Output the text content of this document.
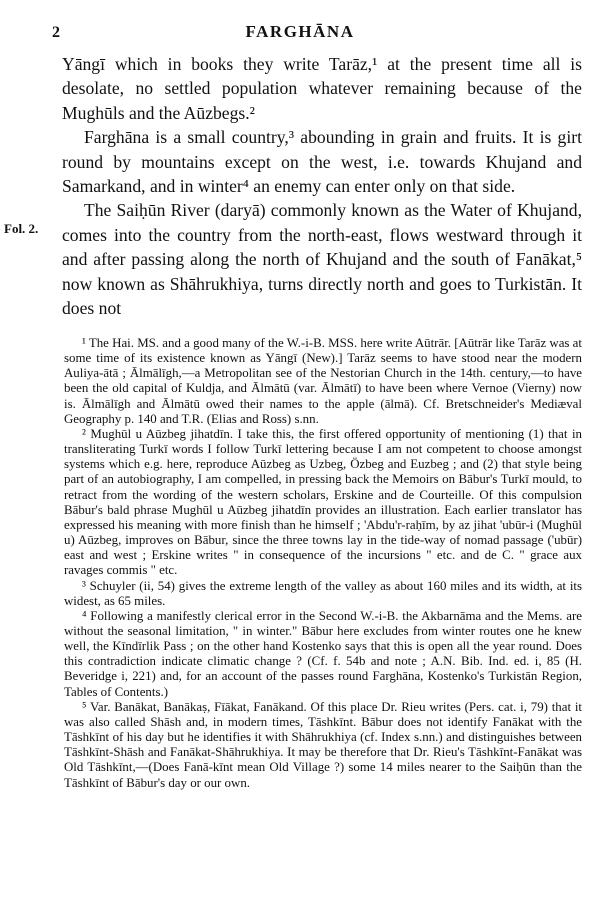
2	FARGHĀNA
Fol. 2.

Yāngī which in books they write Tarāz,¹ at the present time all is desolate, no settled population whatever remaining because of the Mughūls and the Aūzbegs.²

Farghāna is a small country,³ abounding in grain and fruits. It is girt round by mountains except on the west, i.e. towards Khujand and Samarkand, and in winter⁴ an enemy can enter only on that side.

The Saiḥūn River (daryā) commonly known as the Water of Khujand, comes into the country from the north-east, flows westward through it and after passing along the north of Khujand and the south of Fanākat,⁵ now known as Shāhrukhiya, turns directly north and goes to Turkistān. It does not

¹ The Hai. MS. and a good many of the W.-i-B. MSS. here write Aūtrār. [Aūtrār like Tarāz was at some time of its existence known as Yāngī (New).] Tarāz seems to have stood near the modern Auliya-ātā ; Ālmālīgh,—a Metropolitan see of the Nestorian Church in the 14th. century,—to have been the old capital of Kuldja, and Ālmātū (var. Ālmātī) to have been where Vernoe (Vierny) now is. Ālmālīgh and Ālmātū owed their names to the apple (ālmā). Cf. Bretschneider's Mediæval Geography p. 140 and T.R. (Elias and Ross) s.nn.

² Mughūl u Aūzbeg jihatdīn. I take this, the first offered opportunity of mentioning (1) that in transliterating Turkī words I follow Turkī lettering because I am not competent to choose amongst systems which e.g. here, reproduce Aūzbeg as Uzbeg, Özbeg and Euzbeg ; and (2) that style being part of an autobiography, I am compelled, in pressing back the Memoirs on Bābur's Turkī mould, to retract from the wording of the western scholars, Erskine and de Courteille. Of this compulsion Bābur's bald phrase Mughūl u Aūzbeg jihatdīn provides an illustration. Each earlier translator has expressed his meaning with more finish than he himself ; 'Abdu'r-raḥīm, by az jihat 'ubūr-i (Mughūl u) Aūzbeg, improves on Bābur, since the three towns lay in the tide-way of nomad passage ('ubūr) east and west ; Erskine writes " in consequence of the incursions " etc. and de C. " grace aux ravages commis " etc.

³ Schuyler (ii, 54) gives the extreme length of the valley as about 160 miles and its width, at its widest, as 65 miles.

⁴ Following a manifestly clerical error in the Second W.-i-B. the Akbarnāma and the Mems. are without the seasonal limitation, " in winter." Bābur here excludes from winter routes one he knew well, the Kīndīrlik Pass ; on the other hand Kostenko says that this is open all the year round. Does this contradiction indicate climatic change ? (Cf. f. 54b and note ; A.N. Bib. Ind. ed. i, 85 (H. Beveridge i, 221) and, for an account of the passes round Farghāna, Kostenko's Turkistān Region, Tables of Contents.)

⁵ Var. Banākat, Banākaṣ, Fīākat, Fanākand. Of this place Dr. Rieu writes (Pers. cat. i, 79) that it was also called Shāsh and, in modern times, Tāshkīnt. Bābur does not identify Fanākat with the Tāshkīnt of his day but he identifies it with Shāhrukhiya (cf. Index s.nn.) and distinguishes between Tāshkīnt-Shāsh and Fanākat-Shāhrukhiya. It may be therefore that Dr. Rieu's Tāshkīnt-Fanākat was Old Tāshkīnt,—(Does Fanā-kīnt mean Old Village ?) some 14 miles nearer to the Saiḥūn than the Tāshkīnt of Bābur's day or our own.
